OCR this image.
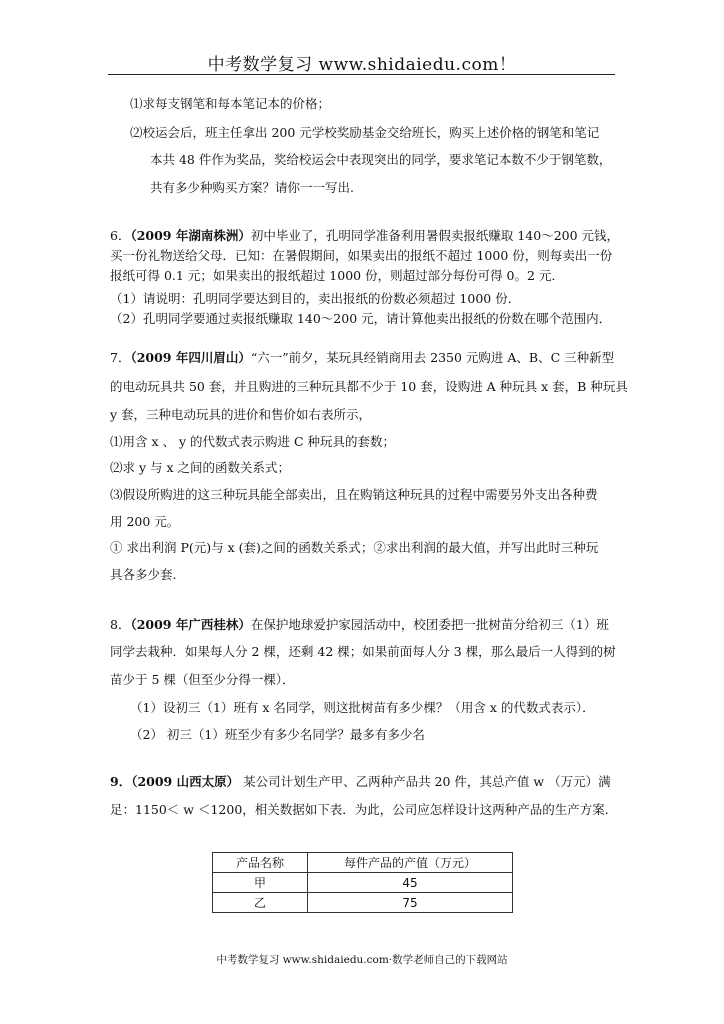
中考数学复习 www.shidaiedu.com！
⑴求每支钢笔和每本笔记本的价格；
⑵校运会后，班主任拿出 200 元学校奖励基金交给班长，购买上述价格的钢笔和笔记
本共 48 件作为奖品，奖给校运会中表现突出的同学，要求笔记本数不少于钢笔数，
共有多少种购买方案？请你一一写出.
6．（2009 年湖南株洲）初中毕业了，孔明同学准备利用暑假卖报纸赚取 140～200 元钱，
买一份礼物送给父母．已知：在暑假期间，如果卖出的报纸不超过 1000 份，则每卖出一份
报纸可得 0.1 元；如果卖出的报纸超过 1000 份，则超过部分每份可得 0。2 元．
（1）请说明：孔明同学要达到目的，卖出报纸的份数必须超过 1000 份．
（2）孔明同学要通过卖报纸赚取 140～200 元，请计算他卖出报纸的份数在哪个范围内．
7．（2009 年四川眉山）“六一”前夕，某玩具经销商用去 2350 元购进 A、B、C 三种新型
的电动玩具共 50 套，并且购进的三种玩具都不少于 10 套，设购进 A 种玩具 x 套，B 种玩具
y 套，三种电动玩具的进价和售价如右表所示，
⑴用含 x 、 y 的代数式表示购进 C 种玩具的套数；
⑵求 y 与 x 之间的函数关系式；
⑶假设所购进的这三种玩具能全部卖出，且在购销这种玩具的过程中需要另外支出各种费
用 200 元。
① 求出利润 P(元)与 x (套)之间的函数关系式；②求出利润的最大值，并写出此时三种玩
具各多少套.
8．（2009 年广西桂林）在保护地球爱护家园活动中，校团委把一批树苗分给初三（1）班
同学去栽种．如果每人分 2 棵，还剩 42 棵；如果前面每人分 3 棵，那么最后一人得到的树
苗少于 5 棵（但至少分得一棵）．
（1）设初三（1）班有 x 名同学，则这批树苗有多少棵？（用含 x 的代数式表示）．
（2） 初三（1）班至少有多少名同学？最多有多少名
9．（2009 山西太原） 某公司计划生产甲、乙两种产品共 20 件，其总产值 w （万元）满
足：1150＜ w ＜1200，相关数据如下表．为此，公司应怎样设计这两种产品的生产方案．
产品名称	每件产品的产值（万元）
甲	45
乙	75
中考数学复习 www.shidaiedu.com·数学老师自己的下载网站
